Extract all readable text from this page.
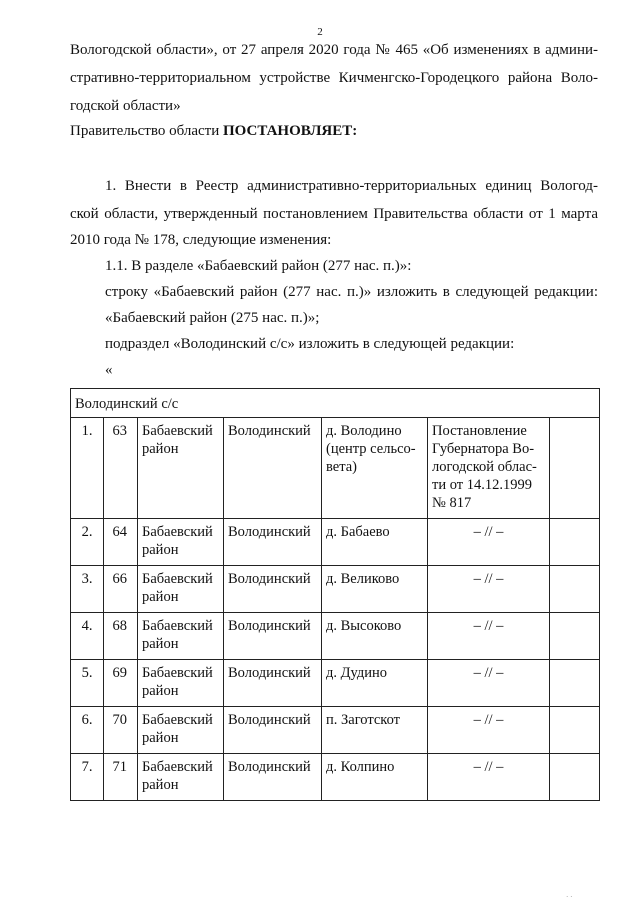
2
Вологодской области», от 27 апреля 2020 года № 465 «Об изменениях в админи-
стративно-территориальном устройстве Кичменгско-Городецкого района Воло-
годской области»
Правительство области ПОСТАНОВЛЯЕТ:
1. Внести в Реестр административно-территориальных единиц Вологод-
ской области, утвержденный постановлением Правительства области от 1 марта
2010 года № 178, следующие изменения:
1.1. В разделе «Бабаевский район (277 нас. п.)»:
строку «Бабаевский район (277 нас. п.)» изложить в следующей редакции:
«Бабаевский район (275 нас. п.)»;
подраздел «Володинский с/с» изложить в следующей редакции:
«
Володинский с/с						
1.	63	Бабаевский район	Володинский	д. Володино (центр сельсо-вета)	Постановление Губернатора Во-логодской облас-ти от 14.12.1999 № 817	
2.	64	Бабаевский район	Володинский	д. Бабаево	– // –	
3.	66	Бабаевский район	Володинский	д. Великово	– // –	
4.	68	Бабаевский район	Володинский	д. Высоково	– // –	
5.	69	Бабаевский район	Володинский	д. Дудино	– // –	
6.	70	Бабаевский район	Володинский	п. Заготскот	– // –	
7.	71	Бабаевский район	Володинский	д. Колпино	– // –	
· ·
